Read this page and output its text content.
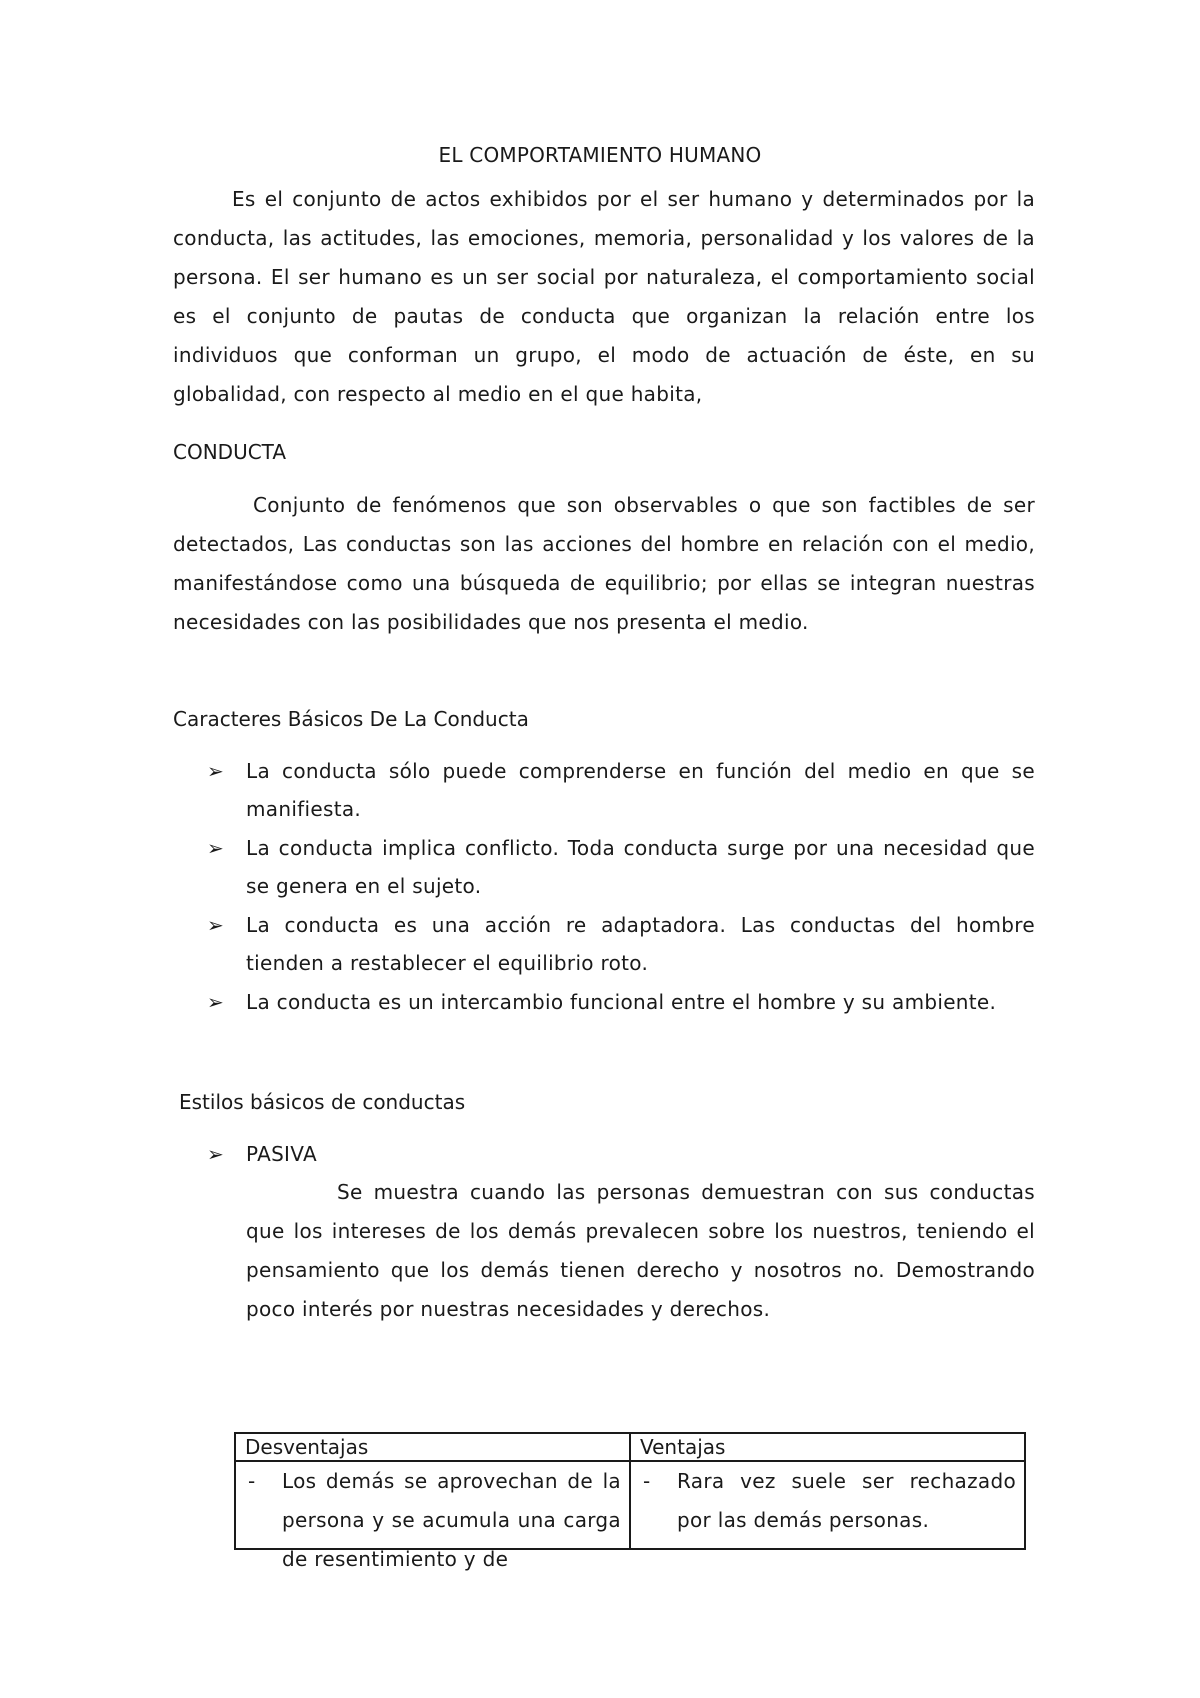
EL COMPORTAMIENTO HUMANO

Es el conjunto de actos exhibidos por el ser humano y determinados por la conducta, las actitudes, las emociones, memoria, personalidad y los valores de la persona. El ser humano es un ser social por naturaleza, el comportamiento social es el conjunto de pautas de conducta que organizan la relación entre los individuos que conforman un grupo, el modo de actuación de éste, en su globalidad, con respecto al medio en el que habita,

CONDUCTA

Conjunto de fenómenos que son observables o que son factibles de ser detectados, Las conductas son las acciones del hombre en relación con el medio, manifestándose como una búsqueda de equilibrio; por ellas se integran nuestras necesidades con las posibilidades que nos presenta el medio.

Caracteres Básicos De La Conducta

➢ La conducta sólo puede comprenderse en función del medio en que se manifiesta.
➢ La conducta implica conflicto. Toda conducta surge por una necesidad que se genera en el sujeto.
➢ La conducta es una acción re adaptadora. Las conductas del hombre tienden a restablecer el equilibrio roto.
➢ La conducta es un intercambio funcional entre el hombre y su ambiente.

Estilos básicos de conductas

➢ PASIVA

Se muestra cuando las personas demuestran con sus conductas que los intereses de los demás prevalecen sobre los nuestros, teniendo el pensamiento que los demás tienen derecho y nosotros no. Demostrando poco interés por nuestras necesidades y derechos.

Desventajas	Ventajas

- Los demás se aprovechan de la persona y se acumula una carga de resentimiento y de	- Rara vez suele ser rechazado por las demás personas.
